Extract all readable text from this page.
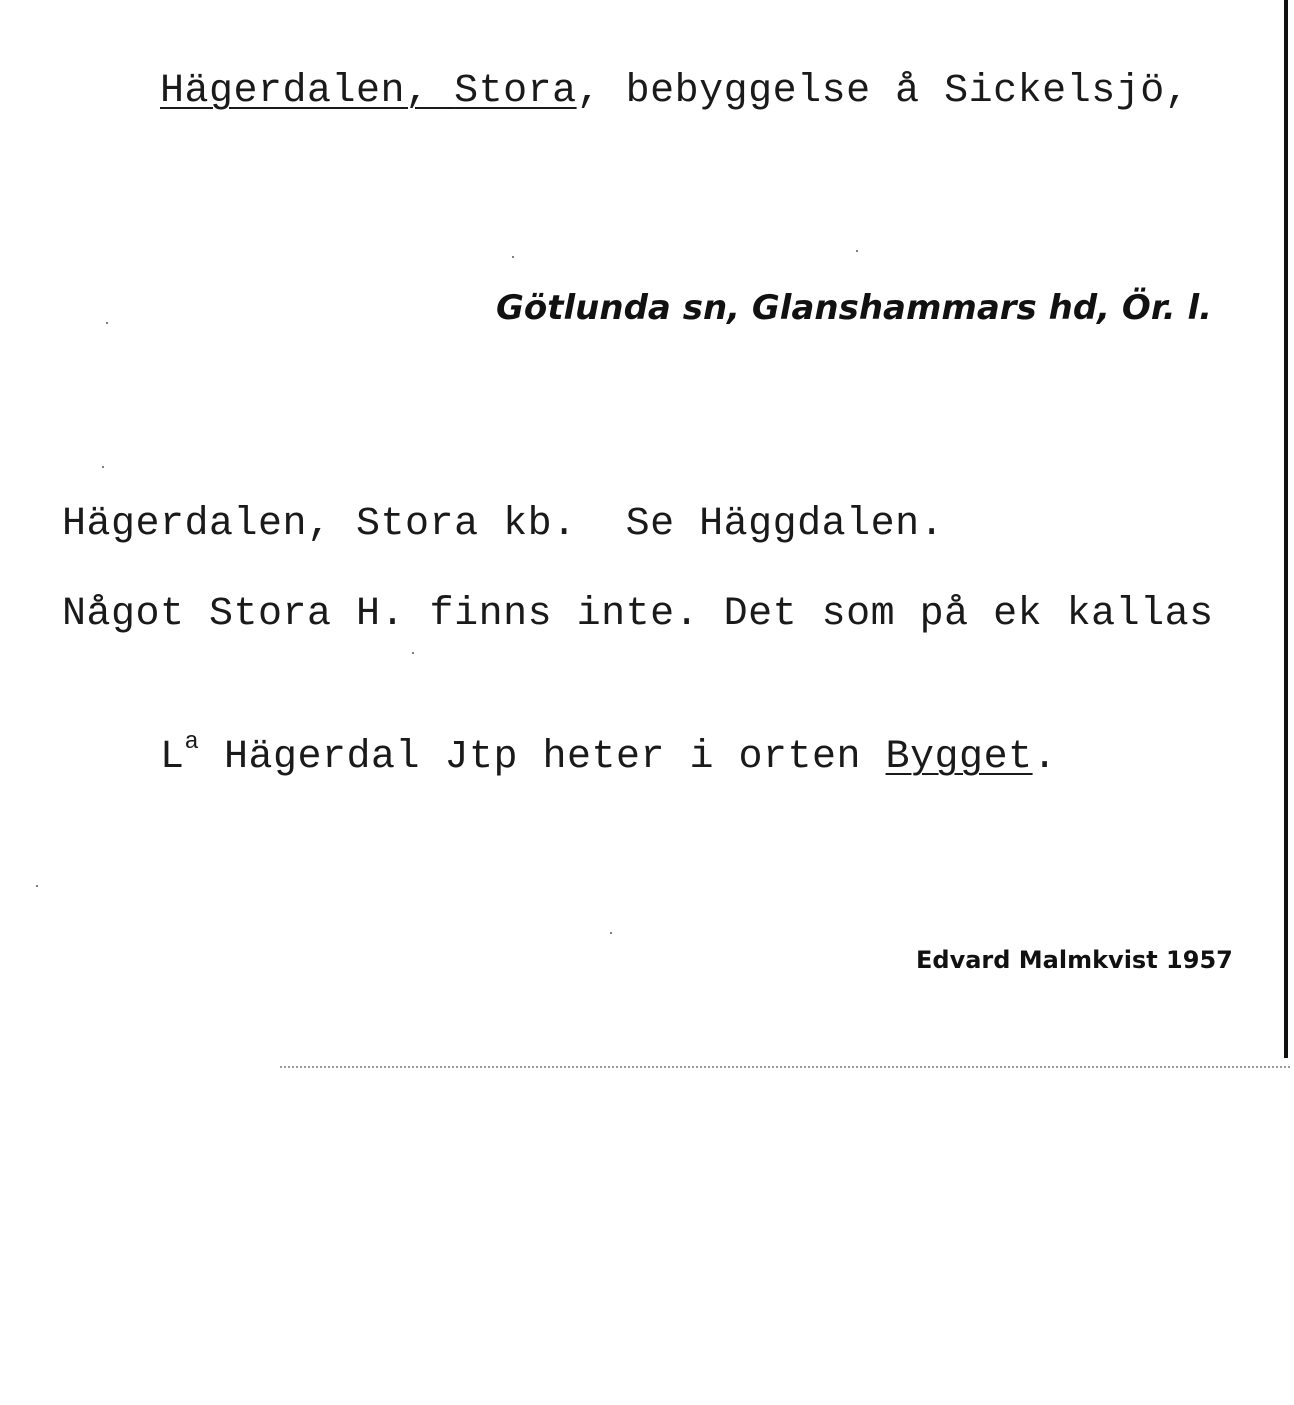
Hägerdalen, Stora, bebyggelse å Sickelsjö,

Götlunda sn, Glanshammars hd, Ör. l.
Hägerdalen, Stora kb.  Se Häggdalen.
Något Stora H. finns inte. Det som på ek kallas

$L^a$ Hägerdal Jtp heter i orten Bygget.

Edvard Malmkvist 1957
